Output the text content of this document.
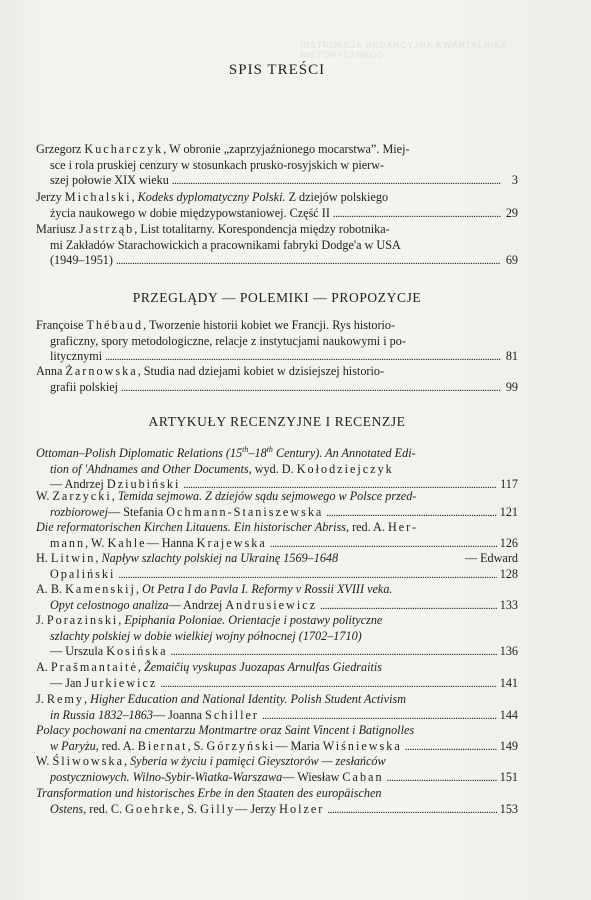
INSTRUKCJA REDAKCYJNA KWARTALNIKA HISTORYCZNEGO
SPIS TREŚCI
Grzegorz Kucharczyk, W obronie „zaprzyjaźnionego mocarstwa”. Miej-
sce i rola pruskiej cenzury w stosunkach prusko-rosyjskich w pierw-
szej połowie XIX wieku . . .	3
Jerzy
Michalski ,
Kodeks dyplomatyczny Polski.
Z dziejów polskiego
życia naukowego w dobie międzypowstaniowej. Część II . . .	29
Mariusz
Jastrząb , List totalitarny. Korespondencja między robotnika-
mi Zakładów Starachowickich a pracownikami fabryki Dodge'a w USA
(1949–1951) . . .	69
PRZEGLĄDY — POLEMIKI — PROPOZYCJE
Françoise
Thébaud , Tworzenie historii kobiet we Francji. Rys historio-
graficzny, spory metodologiczne, relacje z instytucjami naukowymi i po-
litycznymi . . .	81
Anna
Żarnowska , Studia nad dziejami kobiet w dzisiejszej historio-
grafii polskiej . . .	99
ARTYKUŁY RECENZYJNE I RECENZJE
Ottoman–Polish Diplomatic Relations (15th–18th Century). An Annotated Edi-
tion of 'Ahdnames and Other Documents , wyd. D.
Kołodziejczyk
— Andrzej
Dziubiński . . .	117
W.
Zarzycki ,
Temida sejmowa. Z dziejów sądu sejmowego w Polsce przed-
rozbiorowej — Stefania
Ochmann-Staniszewska . . .	121
Die reformatorischen Kirchen Litauens. Ein historischer Abriss , red. A.
Her-
mann , W.
Kahle — Hanna
Krajewska . . .	126
H. Litwin, Napływ szlachty polskiej na Ukrainę 1569–1648	— Edward
Opaliński . . .	128
A. B.
Kamenskij ,
Ot Petra I do Pavla I. Reformy v Rossii XVIII veka.
Opyt celostnogo analiza — Andrzej
Andrusiewicz . . .	133
J.
Porazinski ,
Epiphania Poloniae. Orientacje i postawy polityczne
szlachty polskiej w dobie wielkiej wojny północnej (1702–1710)
— Urszula
Kosińska . . .	136
A.
Prašmantaitė ,
Žemaičių vyskupas Juozapas Arnulfas Giedraitis
— Jan
Jurkiewicz . . .	141
J.
Remy ,
Higher Education and National Identity. Polish Student Activism
in Russia 1832–1863 — Joanna
Schiller . . .	144
Polacy pochowani na cmentarzu Montmartre oraz Saint Vincent i Batignolles
w Paryżu , red. A.
Biernat , S.
Górzyński — Maria
Wiśniewska . . .	149
W.
Śliwowska ,
Syberia w życiu i pamięci Gieysztorów — zesłańców
postyczniowych. Wilno-Sybir-Wiatka-Warszawa — Wiesław
Caban . . .	151
Transformation und historisches Erbe in den Staaten des europäischen
Ostens , red. C.
Goehrke , S.
Gilly — Jerzy
Holzer . . .	153
